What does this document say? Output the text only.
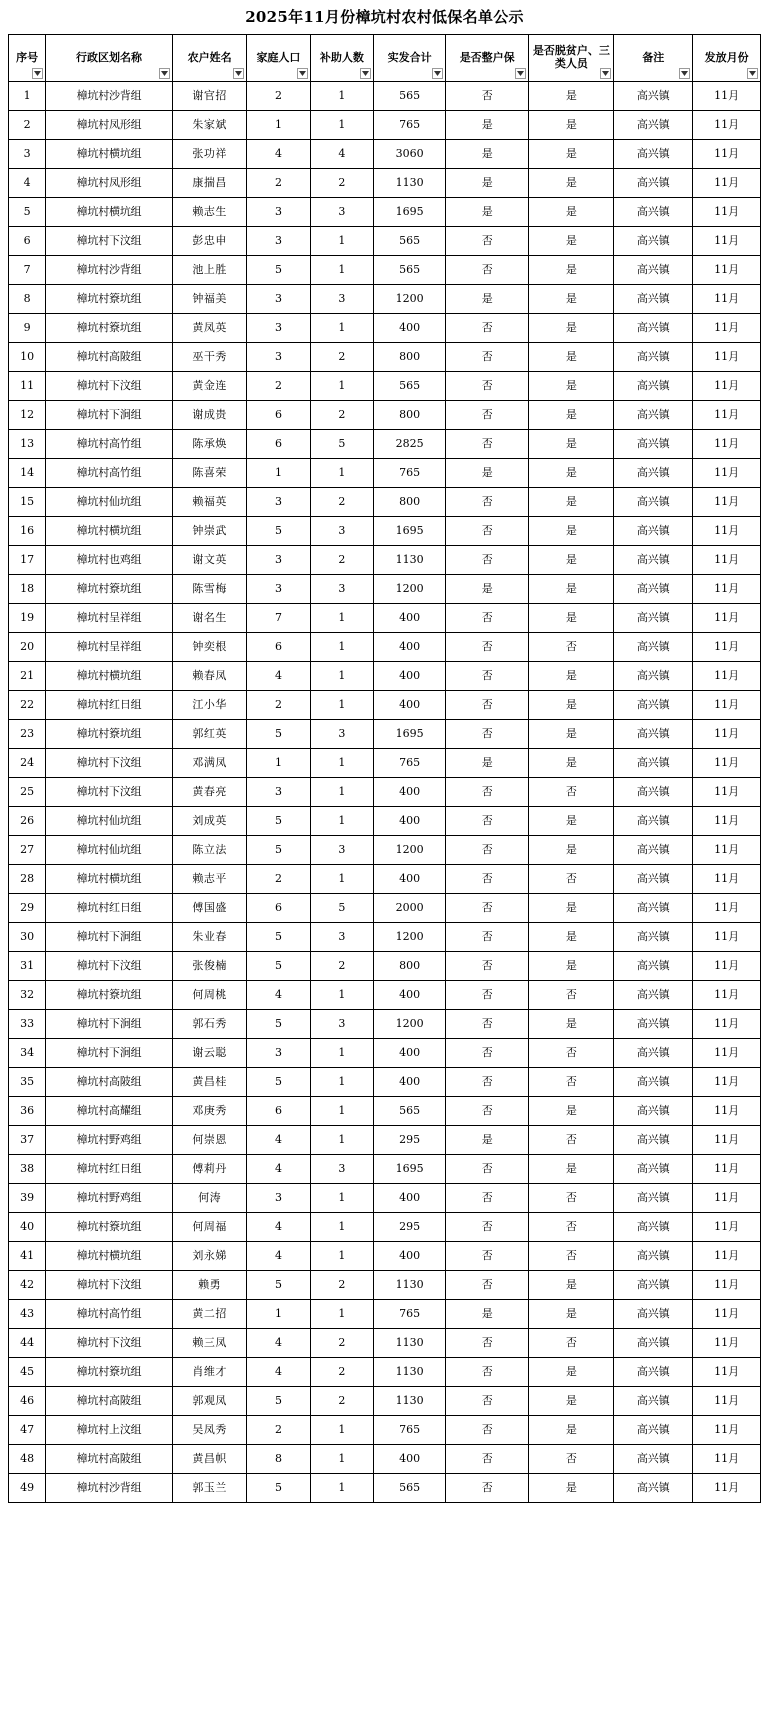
2025年11月份樟坑村农村低保名单公示
序号	行政区划名称	农户姓名	家庭人口	补助人数	实发合计	是否整户保	是否脱贫户、三类人员	备注	发放月份

1	樟坑村沙背组	谢官招	2	1	565	否	是	高兴镇	11月
2	樟坑村凤形组	朱家斌	1	1	765	是	是	高兴镇	11月
3	樟坑村横坑组	张功祥	4	4	3060	是	是	高兴镇	11月
4	樟坑村凤形组	康揣昌	2	2	1130	是	是	高兴镇	11月
5	樟坑村横坑组	赖志生	3	3	1695	是	是	高兴镇	11月
6	樟坑村下汶组	彭忠申	3	1	565	否	是	高兴镇	11月
7	樟坑村沙背组	池上胜	5	1	565	否	是	高兴镇	11月
8	樟坑村簝坑组	钟福美	3	3	1200	是	是	高兴镇	11月
9	樟坑村簝坑组	黄凤英	3	1	400	否	是	高兴镇	11月
10	樟坑村高陂组	巫干秀	3	2	800	否	是	高兴镇	11月
11	樟坑村下汶组	黄金连	2	1	565	否	是	高兴镇	11月
12	樟坑村下涧组	谢成贵	6	2	800	否	是	高兴镇	11月
13	樟坑村高竹组	陈承焕	6	5	2825	否	是	高兴镇	11月
14	樟坑村高竹组	陈喜荣	1	1	765	是	是	高兴镇	11月
15	樟坑村仙坑组	赖福英	3	2	800	否	是	高兴镇	11月
16	樟坑村横坑组	钟崇武	5	3	1695	否	是	高兴镇	11月
17	樟坑村也鸡组	谢文英	3	2	1130	否	是	高兴镇	11月
18	樟坑村簝坑组	陈雪梅	3	3	1200	是	是	高兴镇	11月
19	樟坑村呈祥组	谢名生	7	1	400	否	是	高兴镇	11月
20	樟坑村呈祥组	钟奕根	6	1	400	否	否	高兴镇	11月
21	樟坑村横坑组	赖春凤	4	1	400	否	是	高兴镇	11月
22	樟坑村红日组	江小华	2	1	400	否	是	高兴镇	11月
23	樟坑村簝坑组	郭红英	5	3	1695	否	是	高兴镇	11月
24	樟坑村下汶组	邓满凤	1	1	765	是	是	高兴镇	11月
25	樟坑村下汶组	黄春亮	3	1	400	否	否	高兴镇	11月
26	樟坑村仙坑组	刘成英	5	1	400	否	是	高兴镇	11月
27	樟坑村仙坑组	陈立法	5	3	1200	否	是	高兴镇	11月
28	樟坑村横坑组	赖志平	2	1	400	否	否	高兴镇	11月
29	樟坑村红日组	傅国盛	6	5	2000	否	是	高兴镇	11月
30	樟坑村下涧组	朱业春	5	3	1200	否	是	高兴镇	11月
31	樟坑村下汶组	张俊楠	5	2	800	否	是	高兴镇	11月
32	樟坑村簝坑组	何周桃	4	1	400	否	否	高兴镇	11月
33	樟坑村下涧组	郭石秀	5	3	1200	否	是	高兴镇	11月
34	樟坑村下涧组	谢云聪	3	1	400	否	否	高兴镇	11月
35	樟坑村高陂组	黄昌桂	5	1	400	否	否	高兴镇	11月
36	樟坑村高耀组	邓庚秀	6	1	565	否	是	高兴镇	11月
37	樟坑村野鸡组	何崇恩	4	1	295	是	否	高兴镇	11月
38	樟坑村红日组	傅莉丹	4	3	1695	否	是	高兴镇	11月
39	樟坑村野鸡组	何涛	3	1	400	否	否	高兴镇	11月
40	樟坑村簝坑组	何周福	4	1	295	否	否	高兴镇	11月
41	樟坑村横坑组	刘永娣	4	1	400	否	否	高兴镇	11月
42	樟坑村下汶组	赖勇	5	2	1130	否	是	高兴镇	11月
43	樟坑村高竹组	黄二招	1	1	765	是	是	高兴镇	11月
44	樟坑村下汶组	赖三凤	4	2	1130	否	否	高兴镇	11月
45	樟坑村簝坑组	肖维才	4	2	1130	否	是	高兴镇	11月
46	樟坑村高陂组	郭观凤	5	2	1130	否	是	高兴镇	11月
47	樟坑村上汶组	吴凤秀	2	1	765	否	是	高兴镇	11月
48	樟坑村高陂组	黄昌帜	8	1	400	否	否	高兴镇	11月
49	樟坑村沙背组	郭玉兰	5	1	565	否	是	高兴镇	11月
